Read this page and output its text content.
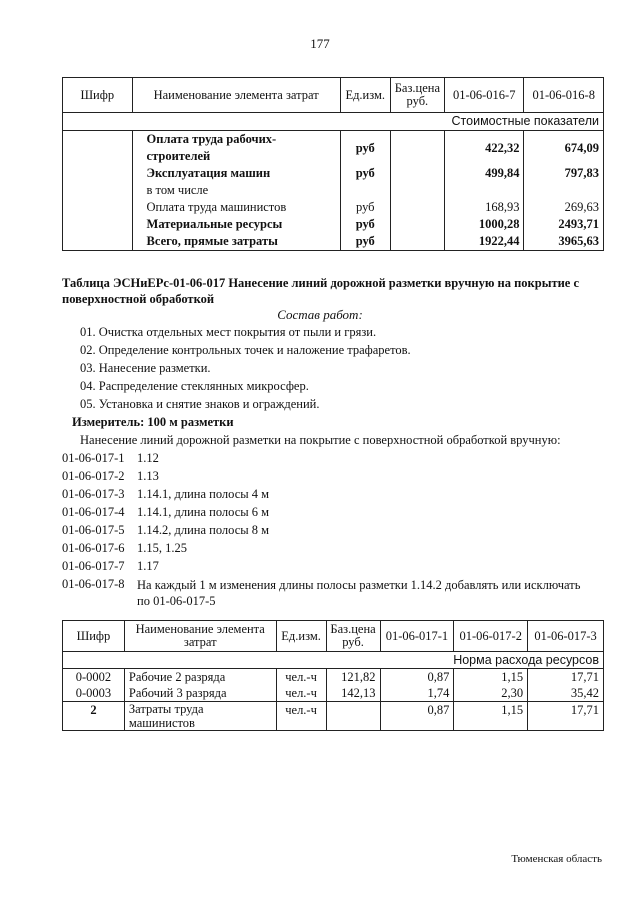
177
Шифр	Наименование элемента затрат	Ед.изм.	Баз.цена руб.	01-06-016-7	01-06-016-8
Стоимостные показатели					
	Оплата труда рабочих-строителей	руб		422,32	674,09
	Эксплуатация машин	руб		499,84	797,83
	в том числе				
	Оплата труда машинистов	руб		168,93	269,63
	Материальные ресурсы	руб		1000,28	2493,71
	Всего, прямые затраты	руб		1922,44	3965,63
Таблица ЭСНиЕРс-01-06-017 Нанесение линий дорожной разметки вручную на покрытие с поверхностной обработкой
Состав работ:
01. Очистка отдельных мест покрытия от пыли и грязи.
02. Определение контрольных точек и наложение трафаретов.
03. Нанесение разметки.
04. Распределение стеклянных микросфер.
05. Установка и снятие знаков и ограждений.
Измеритель: 100 м разметки
Нанесение линий дорожной разметки на покрытие с поверхностной обработкой вручную:
01-06-017-1 1.12
01-06-017-2 1.13
01-06-017-3 1.14.1, длина полосы 4 м
01-06-017-4 1.14.1, длина полосы 6 м
01-06-017-5 1.14.2, длина полосы 8 м
01-06-017-6 1.15, 1.25
01-06-017-7 1.17
01-06-017-8 На каждый 1 м изменения длины полосы разметки 1.14.2 добавлять или исключать
по 01-06-017-5
Шифр	Наименование элемента затрат	Ед.изм.	Баз.цена руб.	01-06-017-1	01-06-017-2	01-06-017-3
Норма расхода ресурсов						
0-0002	Рабочие 2 разряда	чел.-ч	121,82	0,87	1,15	17,71
0-0003	Рабочий 3 разряда	чел.-ч	142,13	1,74	2,30	35,42
2	Затраты труда машинистов	чел.-ч		0,87	1,15	17,71
Тюменская область
